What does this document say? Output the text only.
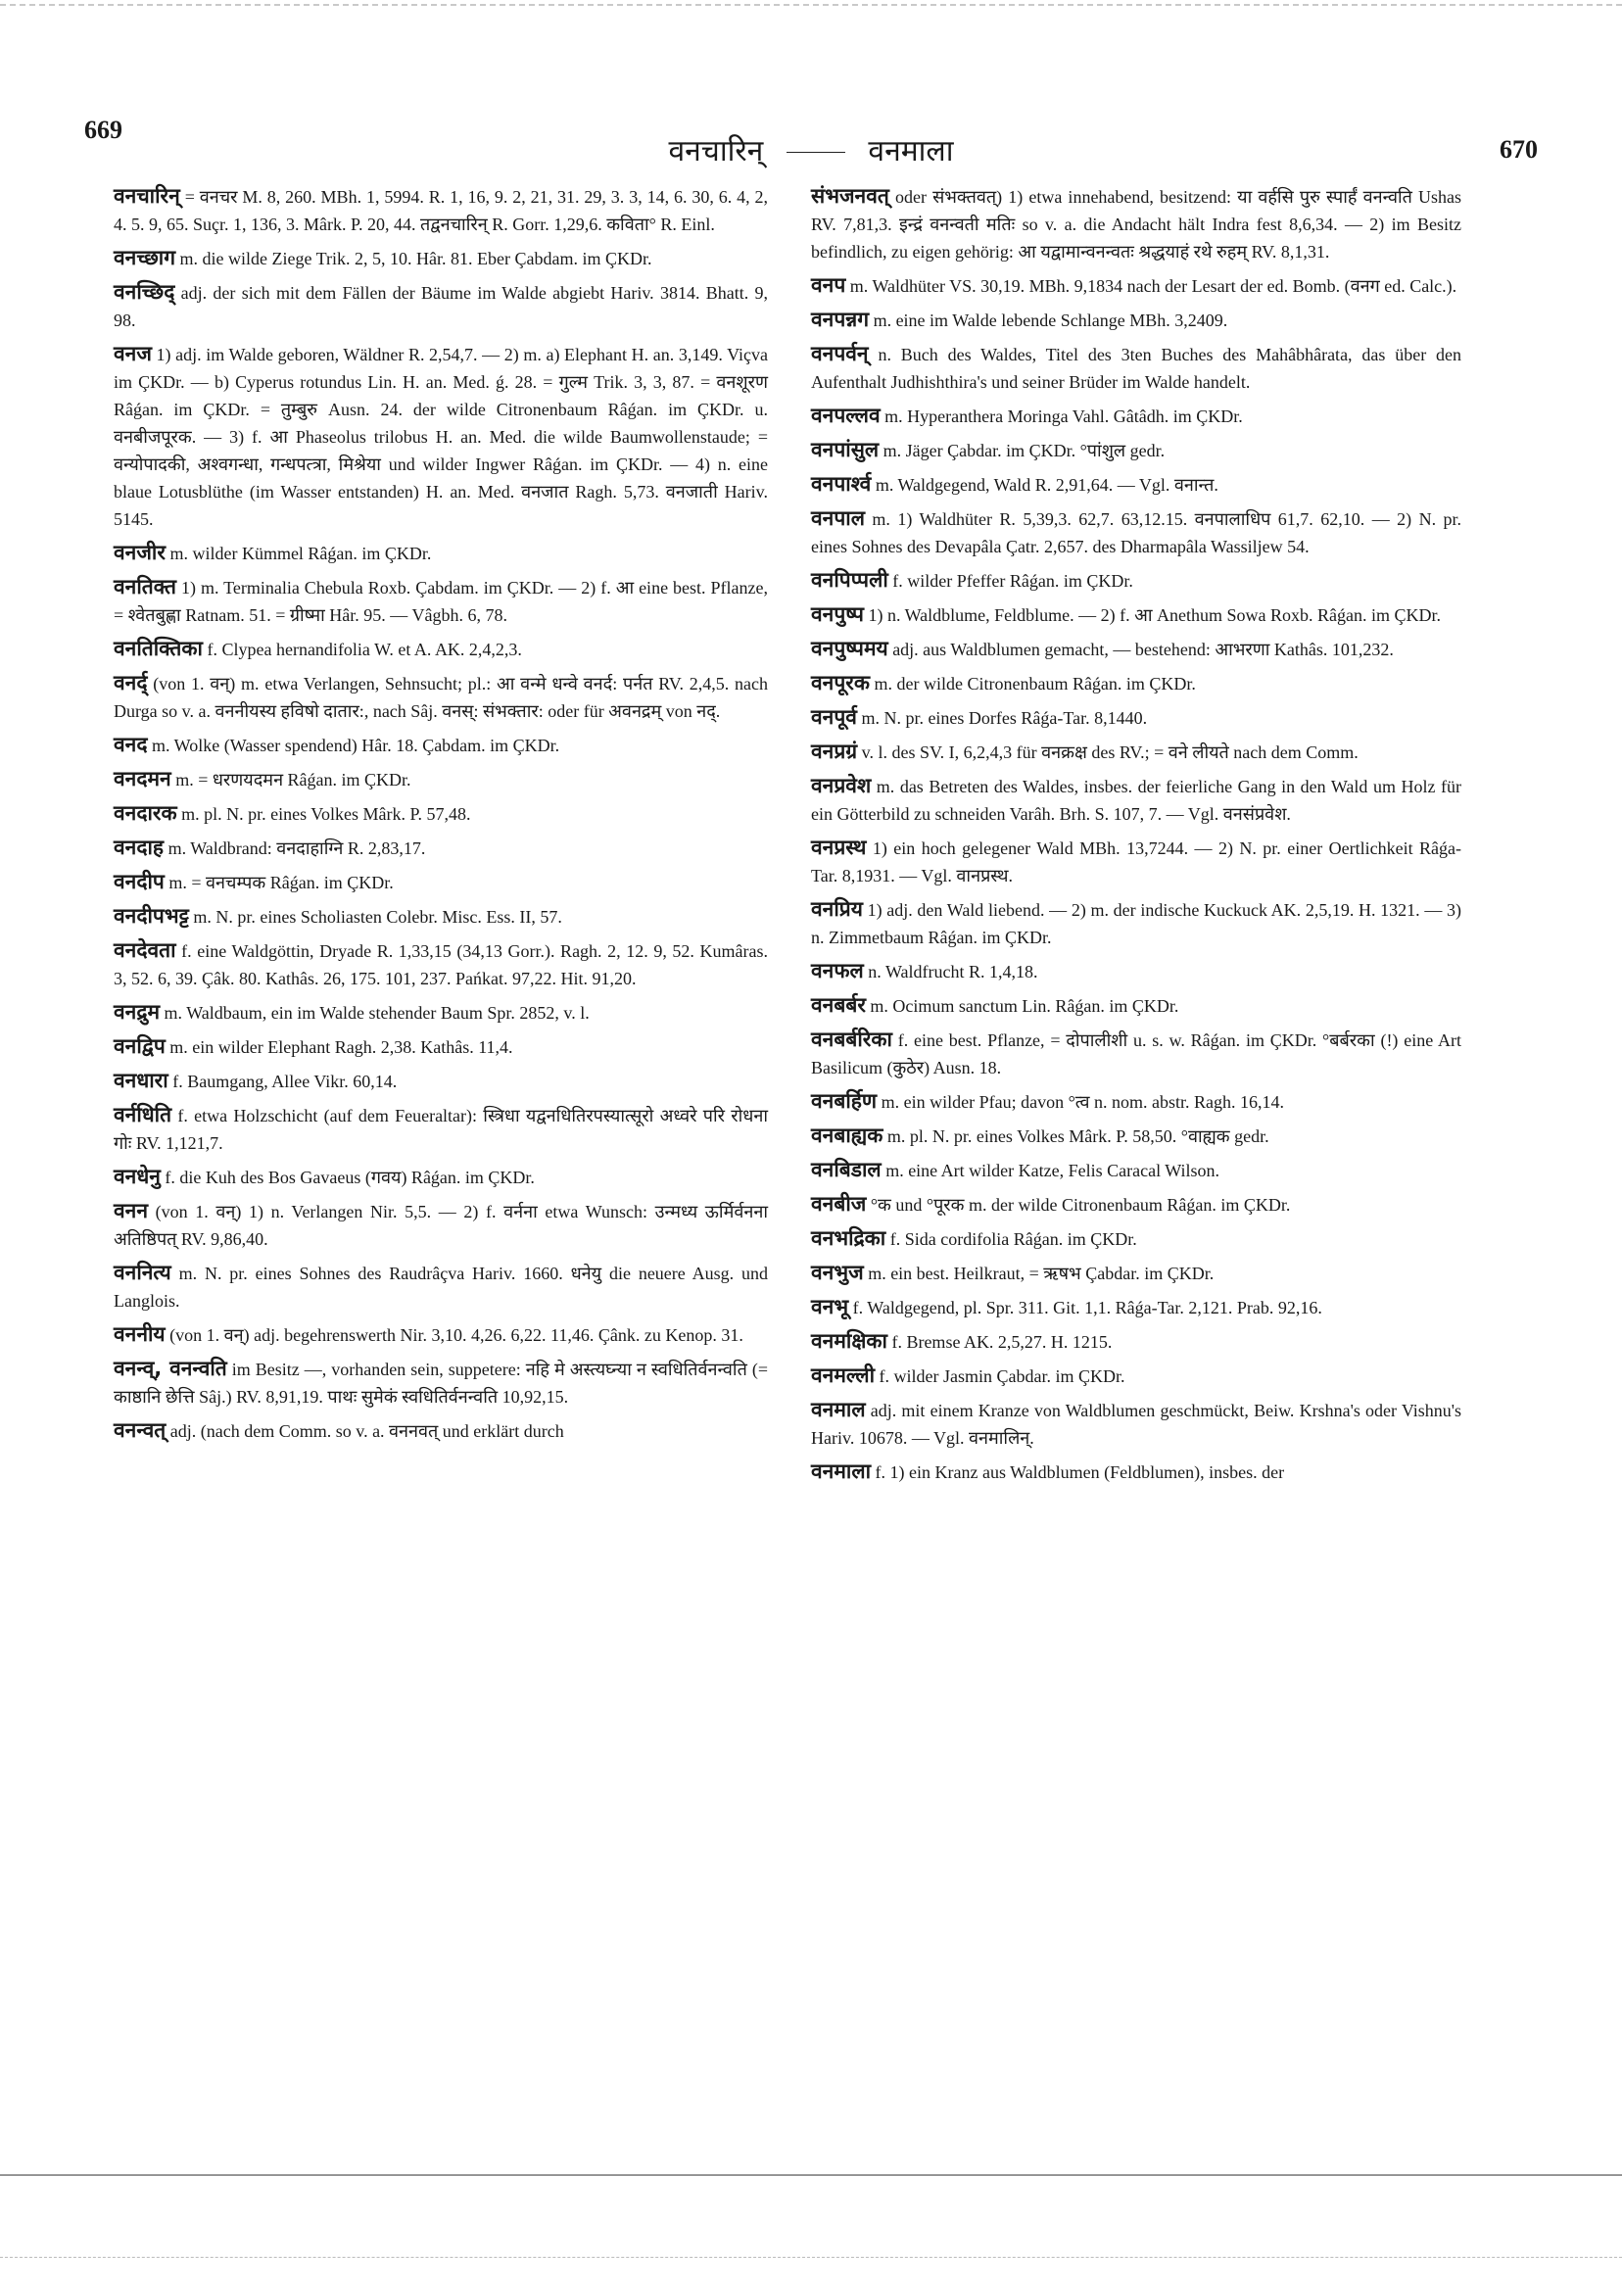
669
वनचारिन्	वनमाला	670

वनचारिन् = वनचर M. 8, 260. MBh. 1, 5994. R. 1, 16, 9. 2, 21, 31. 29, 3. 3, 14, 6. 30, 6. 4, 2, 4. 5. 9, 65. Suçr. 1, 136, 3. Mârk. P. 20, 44. तद्वनचारिन् R. Gorr. 1,29,6. कविता° R. Einl.

वनच्छाग m. die wilde Ziege Trik. 2, 5, 10. Hâr. 81. Eber Çabdam. im ÇKDr.

वनच्छिद् adj. der sich mit dem Fällen der Bäume im Walde abgiebt Hariv. 3814. Bhatt. 9, 98.

वनज 1) adj. im Walde geboren, Wäldner R. 2,54,7. — 2) m. a) Elephant H. an. 3,149. Viçva im ÇKDr. — b) Cyperus rotundus Lin. H. an. Med. ǵ. 28. = गुल्म Trik. 3, 3, 87. = वनशूरण Râǵan. im ÇKDr. = तुम्बुरु Ausn. 24. der wilde Citronenbaum Râǵan. im ÇKDr. u. वनबीजपूरक. — 3) f. आ Phaseolus trilobus H. an. Med. die wilde Baumwollenstaude; = वन्योपादकी, अश्वगन्धा, गन्धपत्त्रा, मिश्रेया und wilder Ingwer Râǵan. im ÇKDr. — 4) n. eine blaue Lotusblüthe (im Wasser entstanden) H. an. Med. वनजात Ragh. 5,73. वनजाती Hariv. 5145.

वनजीर m. wilder Kümmel Râǵan. im ÇKDr.

वनतिक्त 1) m. Terminalia Chebula Roxb. Çabdam. im ÇKDr. — 2) f. आ eine best. Pflanze, = श्वेतबुह्णा Ratnam. 51. = ग्रीष्मा Hâr. 95. — Vâgbh. 6, 78.

वनतिक्तिका f. Clypea hernandifolia W. et A. AK. 2,4,2,3.

वनर्द् (von 1. वन्) m. etwa Verlangen, Sehnsucht; pl.: आ वन्मे धन्वे वनर्द: पर्नत RV. 2,4,5. nach Durga so v. a. वननीयस्य हविषो दातार:, nach Sâj. वनस्: संभक्तार: oder für अवनद्रम् von नद्.

वनद m. Wolke (Wasser spendend) Hâr. 18. Çabdam. im ÇKDr.

वनदमन m. = धरणयदमन Râǵan. im ÇKDr.

वनदारक m. pl. N. pr. eines Volkes Mârk. P. 57,48.

वनदाह m. Waldbrand: वनदाहाग्नि R. 2,83,17.

वनदीप m. = वनचम्पक Râǵan. im ÇKDr.

वनदीपभट्ट m. N. pr. eines Scholiasten Colebr. Misc. Ess. II, 57.

वनदेवता f. eine Waldgöttin, Dryade R. 1,33,15 (34,13 Gorr.). Ragh. 2, 12. 9, 52. Kumâras. 3, 52. 6, 39. Çâk. 80. Kathâs. 26, 175. 101, 237. Pańkat. 97,22. Hit. 91,20.

वनद्रुम m. Waldbaum, ein im Walde stehender Baum Spr. 2852, v. l.

वनद्विप m. ein wilder Elephant Ragh. 2,38. Kathâs. 11,4.

वनधारा f. Baumgang, Allee Vikr. 60,14.

वर्नधिति f. etwa Holzschicht (auf dem Feueraltar): स्त्रिधा यद्वनधितिरपस्यात्सूरो अध्वरे परि रोधना गोः RV. 1,121,7.

वनधेनु f. die Kuh des Bos Gavaeus (गवय) Râǵan. im ÇKDr.

वनन (von 1. वन्) 1) n. Verlangen Nir. 5,5. — 2) f. वर्नना etwa Wunsch: उन्मध्य ऊर्मिर्वनना अतिष्ठिपत् RV. 9,86,40.

वननित्य m. N. pr. eines Sohnes des Raudrâçva Hariv. 1660. धनेयु die neuere Ausg. und Langlois.

वननीय (von 1. वन्) adj. begehrenswerth Nir. 3,10. 4,26. 6,22. 11,46. Çânk. zu Kenop. 31.

वनन्व्, वनन्वति im Besitz —, vorhanden sein, suppetere: नहि मे अस्त्यघ्न्या न स्वधितिर्वनन्वति (= काष्ठानि छेत्ति Sâj.) RV. 8,91,19. पाथः सुमेकं स्वधितिर्वनन्वति 10,92,15.

वनन्वत् adj. (nach dem Comm. so v. a. वननवत् und erklärt durch

संभजनवत् oder संभक्तवत्) 1) etwa innehabend, besitzend: या वर्हसि पुरु स्पार्हं वनन्वति Ushas RV. 7,81,3. इन्द्रं वनन्वती मतिः so v. a. die Andacht hält Indra fest 8,6,34. — 2) im Besitz befindlich, zu eigen gehörig: आ यद्वामान्वनन्वतः श्रद्धयाहं रथे रुहम् RV. 8,1,31.

वनप m. Waldhüter VS. 30,19. MBh. 9,1834 nach der Lesart der ed. Bomb. (वनग ed. Calc.).

वनपन्नग m. eine im Walde lebende Schlange MBh. 3,2409.

वनपर्वन् n. Buch des Waldes, Titel des 3ten Buches des Mahâbhârata, das über den Aufenthalt Judhishthira's und seiner Brüder im Walde handelt.

वनपल्लव m. Hyperanthera Moringa Vahl. Gâtâdh. im ÇKDr.

वनपांसुल m. Jäger Çabdar. im ÇKDr. °पांशुल gedr.

वनपार्श्व m. Waldgegend, Wald R. 2,91,64. — Vgl. वनान्त.

वनपाल m. 1) Waldhüter R. 5,39,3. 62,7. 63,12.15. वनपालाधिप 61,7. 62,10. — 2) N. pr. eines Sohnes des Devapâla Çatr. 2,657. des Dharmapâla Wassiljew 54.

वनपिप्पली f. wilder Pfeffer Râǵan. im ÇKDr.

वनपुष्प 1) n. Waldblume, Feldblume. — 2) f. आ Anethum Sowa Roxb. Râǵan. im ÇKDr.

वनपुष्पमय adj. aus Waldblumen gemacht, — bestehend: आभरणा Kathâs. 101,232.

वनपूरक m. der wilde Citronenbaum Râǵan. im ÇKDr.

वनपूर्व m. N. pr. eines Dorfes Râǵa-Tar. 8,1440.

वनप्रग्रं v. l. des SV. I, 6,2,4,3 für वनक्रक्ष des RV.; = वने लीयते nach dem Comm.

वनप्रवेश m. das Betreten des Waldes, insbes. der feierliche Gang in den Wald um Holz für ein Götterbild zu schneiden Varâh. Brh. S. 107, 7. — Vgl. वनसंप्रवेश.

वनप्रस्थ 1) ein hoch gelegener Wald MBh. 13,7244. — 2) N. pr. einer Oertlichkeit Râǵa-Tar. 8,1931. — Vgl. वानप्रस्थ.

वनप्रिय 1) adj. den Wald liebend. — 2) m. der indische Kuckuck AK. 2,5,19. H. 1321. — 3) n. Zimmetbaum Râǵan. im ÇKDr.

वनफल n. Waldfrucht R. 1,4,18.

वनबर्बर m. Ocimum sanctum Lin. Râǵan. im ÇKDr.

वनबर्बरिका f. eine best. Pflanze, = दोपालीशी u. s. w. Râǵan. im ÇKDr. °बर्बरका (!) eine Art Basilicum (कुठेर) Ausn. 18.

वनबर्हिण m. ein wilder Pfau; davon °त्व n. nom. abstr. Ragh. 16,14.

वनबाह्यक m. pl. N. pr. eines Volkes Mârk. P. 58,50. °वाह्यक gedr.

वनबिडाल m. eine Art wilder Katze, Felis Caracal Wilson.

वनबीज °क und °पूरक m. der wilde Citronenbaum Râǵan. im ÇKDr.

वनभद्रिका f. Sida cordifolia Râǵan. im ÇKDr.

वनभुज m. ein best. Heilkraut, = ऋषभ Çabdar. im ÇKDr.

वनभू f. Waldgegend, pl. Spr. 311. Git. 1,1. Râǵa-Tar. 2,121. Prab. 92,16.

वनमक्षिका f. Bremse AK. 2,5,27. H. 1215.

वनमल्ली f. wilder Jasmin Çabdar. im ÇKDr.

वनमाल adj. mit einem Kranze von Waldblumen geschmückt, Beiw. Krshna's oder Vishnu's Hariv. 10678. — Vgl. वनमालिन्.

वनमाला f. 1) ein Kranz aus Waldblumen (Feldblumen), insbes. der
